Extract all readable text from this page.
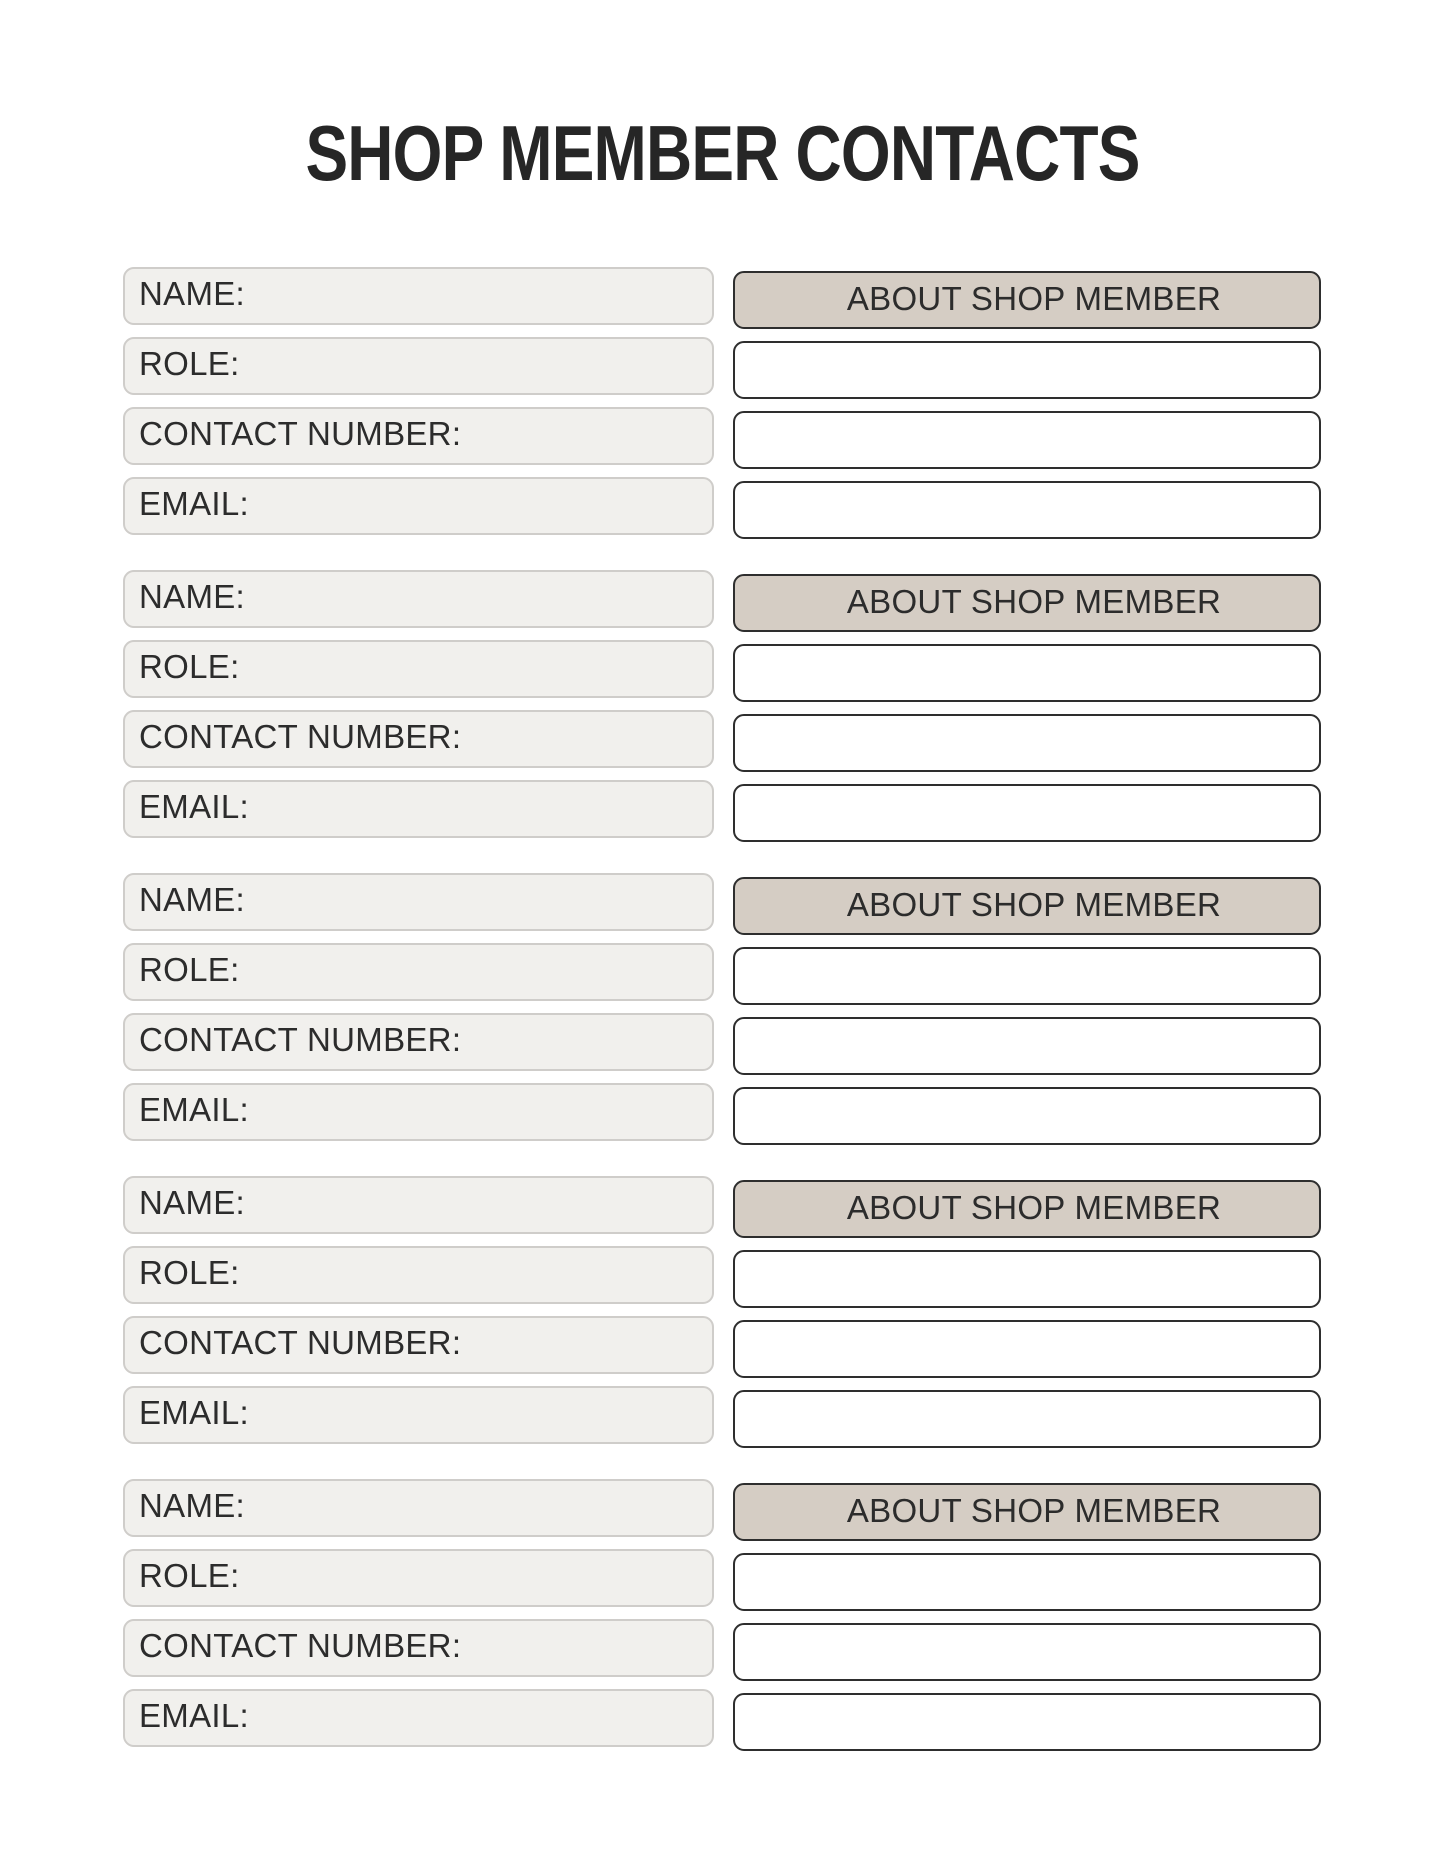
SHOP MEMBER CONTACTS
NAME:
ROLE:
CONTACT NUMBER:
EMAIL:
ABOUT SHOP MEMBER
NAME:
ROLE:
CONTACT NUMBER:
EMAIL:
ABOUT SHOP MEMBER
NAME:
ROLE:
CONTACT NUMBER:
EMAIL:
ABOUT SHOP MEMBER
NAME:
ROLE:
CONTACT NUMBER:
EMAIL:
ABOUT SHOP MEMBER
NAME:
ROLE:
CONTACT NUMBER:
EMAIL:
ABOUT SHOP MEMBER
